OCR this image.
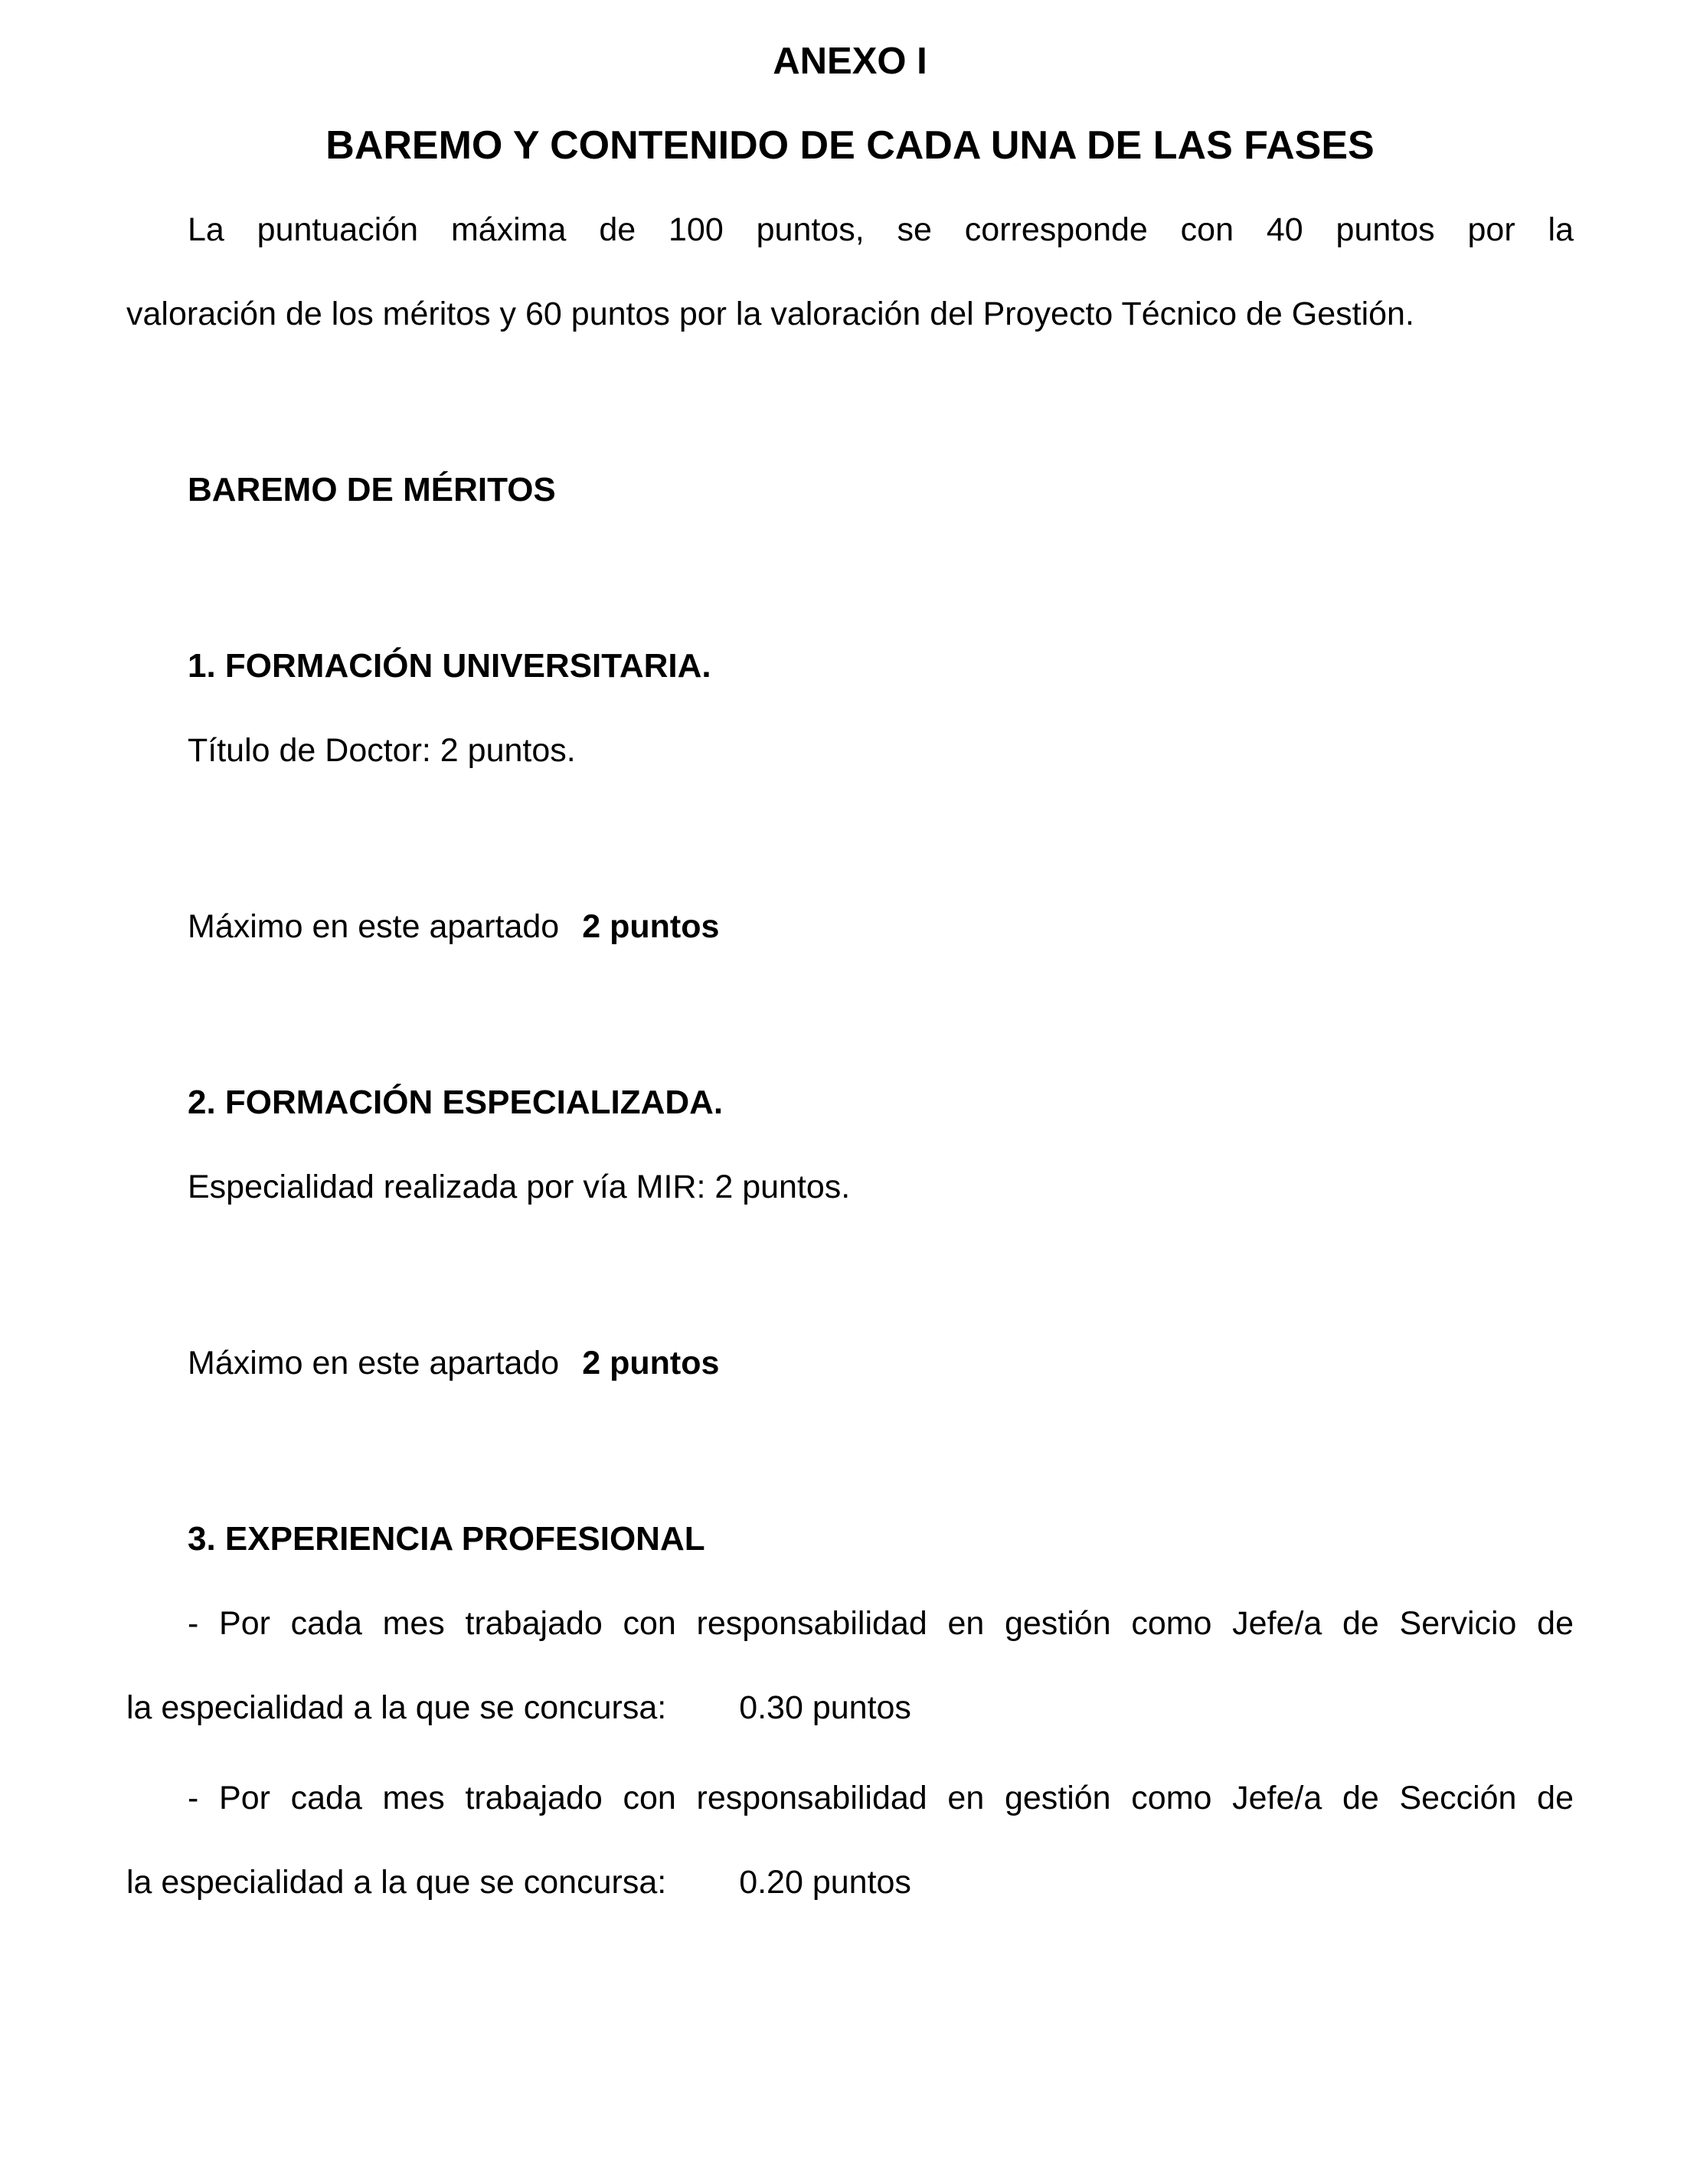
ANEXO I
BAREMO Y CONTENIDO DE CADA UNA DE LAS FASES
La puntuación máxima de 100 puntos, se corresponde con 40 puntos por la
valoración de los méritos y 60 puntos por la valoración del Proyecto Técnico de Gestión.
BAREMO DE MÉRITOS
1. FORMACIÓN UNIVERSITARIA.
Título de Doctor: 2 puntos.
Máximo en este apartado 2 puntos
2. FORMACIÓN ESPECIALIZADA.
Especialidad realizada por vía MIR: 2 puntos.
Máximo en este apartado 2 puntos
3. EXPERIENCIA PROFESIONAL
- Por cada mes trabajado con responsabilidad en gestión como Jefe/a de Servicio de
la especialidad a la que se concursa: 0.30 puntos
- Por cada mes trabajado con responsabilidad en gestión como Jefe/a de Sección de
la especialidad a la que se concursa: 0.20 puntos
